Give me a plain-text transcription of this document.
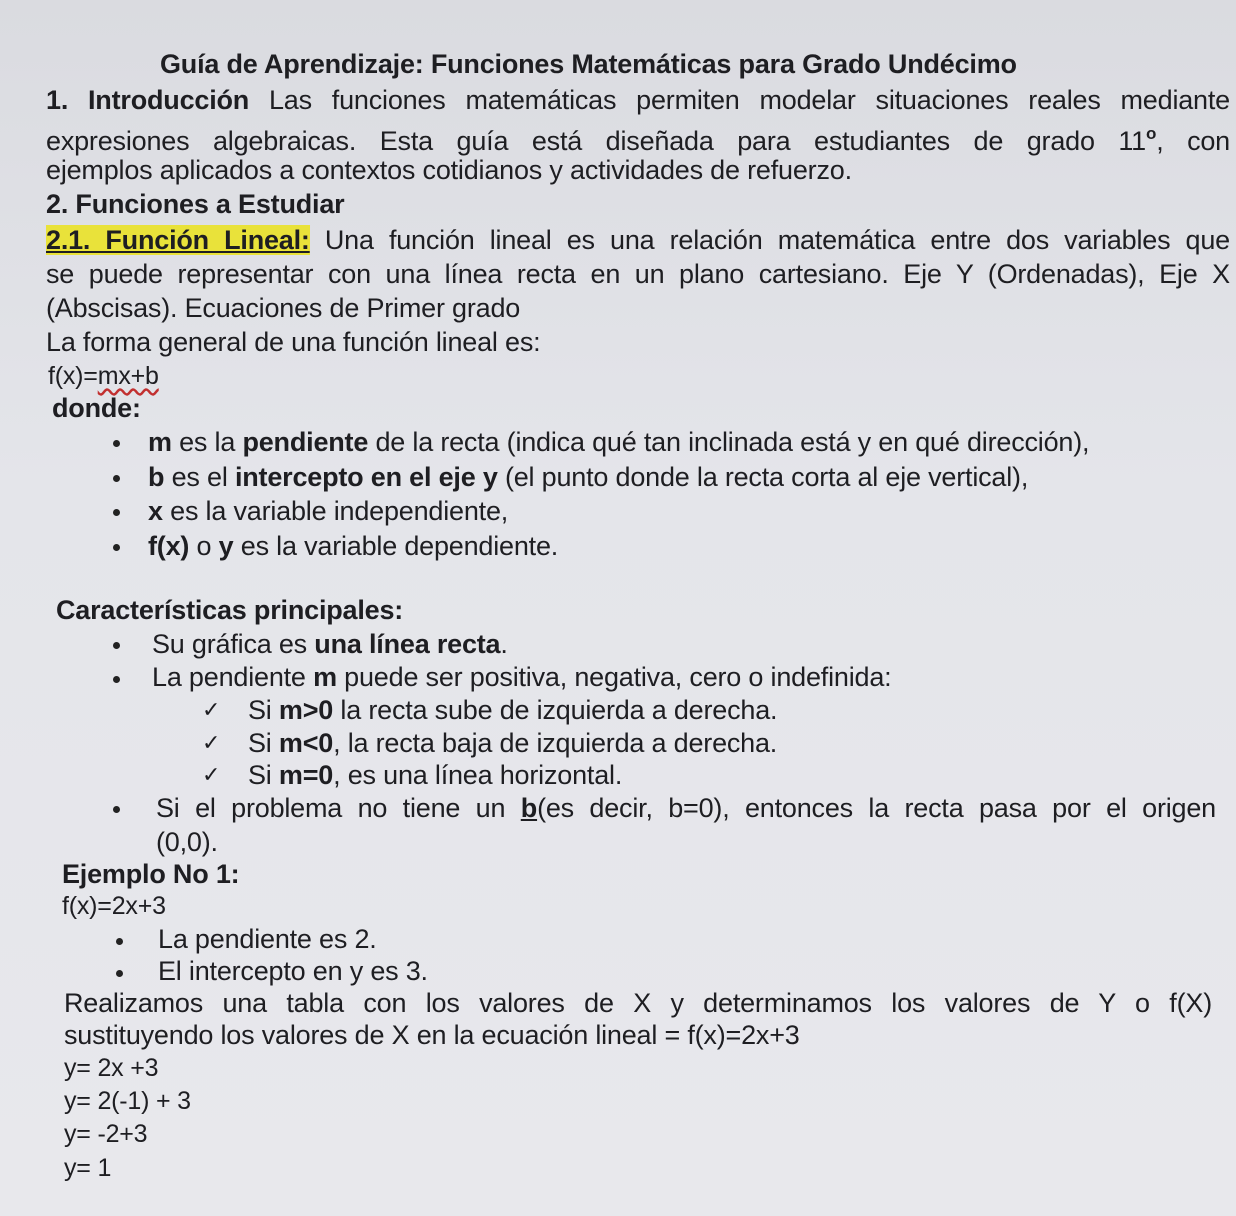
Guía de Aprendizaje: Funciones Matemáticas para Grado Undécimo
1. Introducción Las funciones matemáticas permiten modelar situaciones reales mediante
expresiones algebraicas. Esta guía está diseñada para estudiantes de grado 11$^o$, con
ejemplos aplicados a contextos cotidianos y actividades de refuerzo.
2. Funciones a Estudiar
2.1. Función Lineal: Una función lineal es una relación matemática entre dos variables que
se puede representar con una línea recta en un plano cartesiano. Eje Y (Ordenadas), Eje X
(Abscisas). Ecuaciones de Primer grado
La forma general de una función lineal es:
f(x)=mx+b
donde:
m es la pendiente de la recta (indica qué tan inclinada está y en qué dirección),
b es el intercepto en el eje y (el punto donde la recta corta al eje vertical),
x es la variable independiente,
f(x) o y es la variable dependiente.
Características principales:
Su gráfica es una línea recta.
La pendiente m puede ser positiva, negativa, cero o indefinida:
✓ Si m>0 la recta sube de izquierda a derecha.
✓ Si m<0, la recta baja de izquierda a derecha.
✓ Si m=0, es una línea horizontal.
Si el problema no tiene un b(es decir, b=0), entonces la recta pasa por el origen
(0,0).
Ejemplo No 1:
f(x)=2x+3
La pendiente es 2.
El intercepto en y es 3.
Realizamos una tabla con los valores de X y determinamos los valores de Y o f(X)
sustituyendo los valores de X en la ecuación lineal = f(x)=2x+3
y= 2x +3
y= 2(-1) + 3
y= -2+3
y= 1
